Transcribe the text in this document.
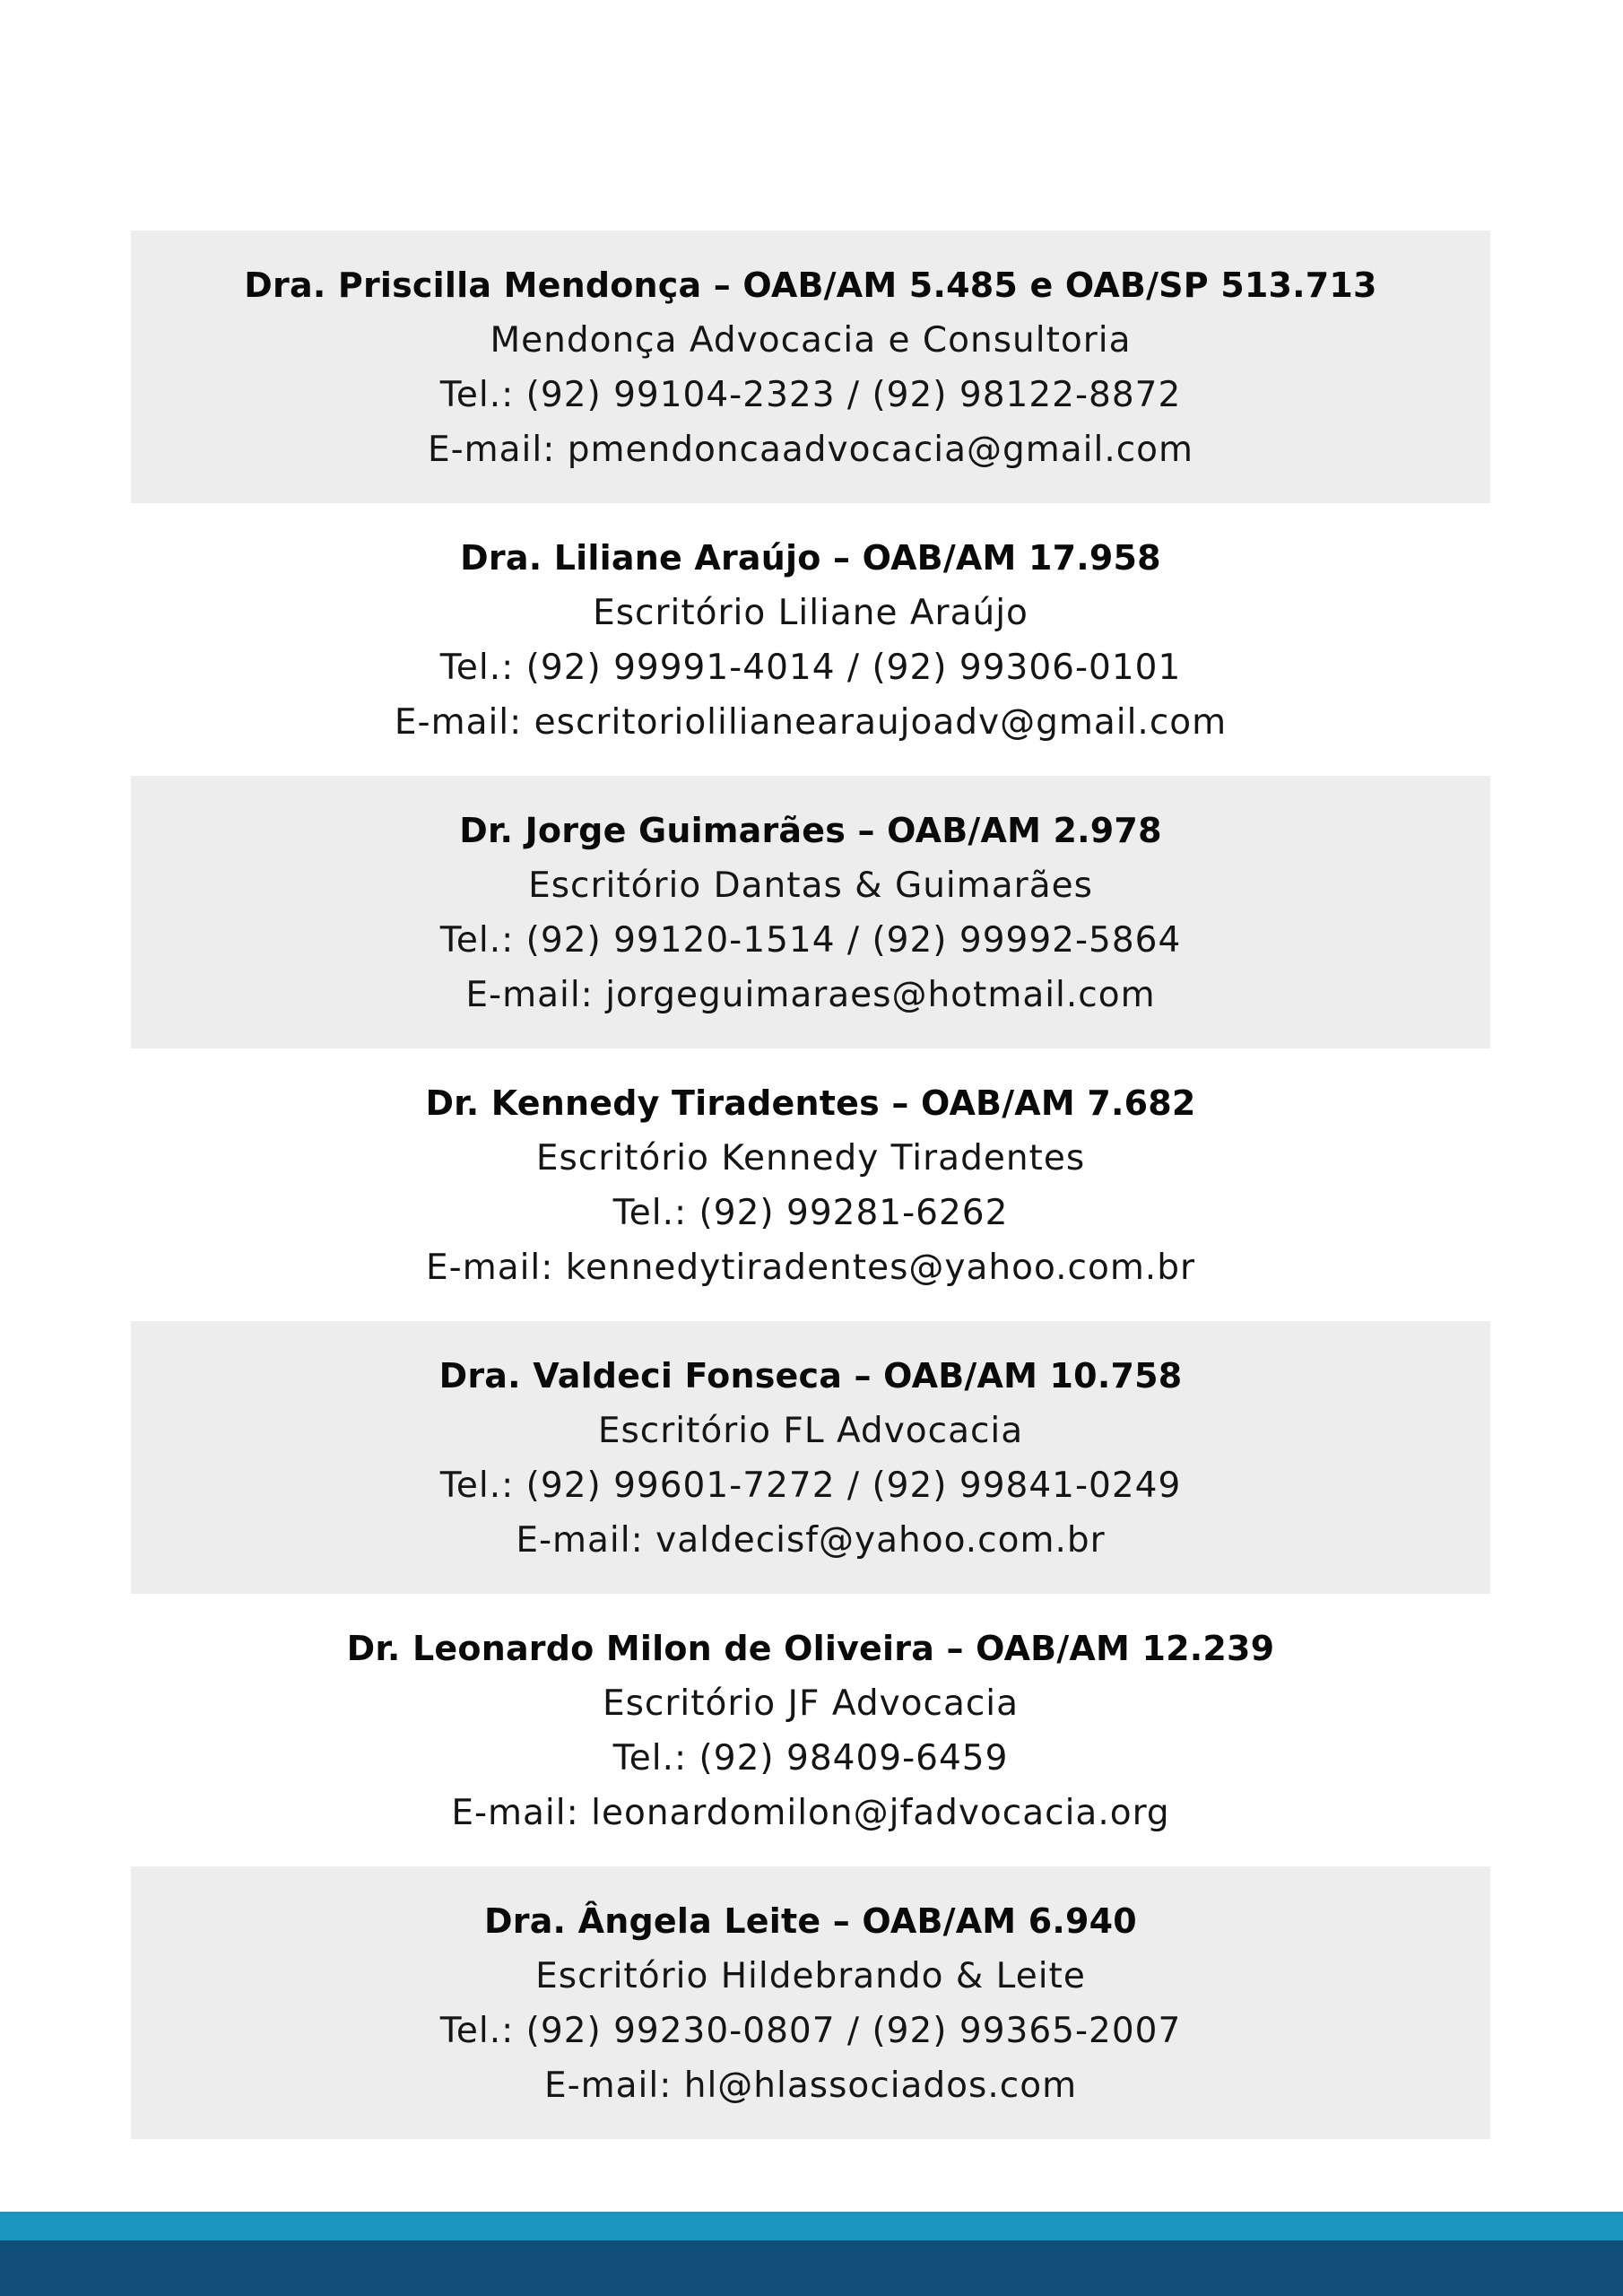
Dra. Priscilla Mendonça – OAB/AM 5.485 e OAB/SP 513.713
Mendonça Advocacia e Consultoria
Tel.: (92) 99104-2323 / (92) 98122-8872
E-mail: pmendoncaadvocacia@gmail.com
Dra. Liliane Araújo – OAB/AM 17.958
Escritório Liliane Araújo
Tel.: (92) 99991-4014 / (92) 99306-0101
E-mail: escritoriolilianearaujoadv@gmail.com
Dr. Jorge Guimarães – OAB/AM 2.978
Escritório Dantas & Guimarães
Tel.: (92) 99120-1514 / (92) 99992-5864
E-mail: jorgeguimaraes@hotmail.com
Dr. Kennedy Tiradentes – OAB/AM 7.682
Escritório Kennedy Tiradentes
Tel.: (92) 99281-6262
E-mail: kennedytiradentes@yahoo.com.br
Dra. Valdeci Fonseca – OAB/AM 10.758
Escritório FL Advocacia
Tel.: (92) 99601-7272 / (92) 99841-0249
E-mail: valdecisf@yahoo.com.br
Dr. Leonardo Milon de Oliveira – OAB/AM 12.239
Escritório JF Advocacia
Tel.: (92) 98409-6459
E-mail: leonardomilon@jfadvocacia.org
Dra. Ângela Leite – OAB/AM 6.940
Escritório Hildebrando & Leite
Tel.: (92) 99230-0807 / (92) 99365-2007
E-mail: hl@hlassociados.com
